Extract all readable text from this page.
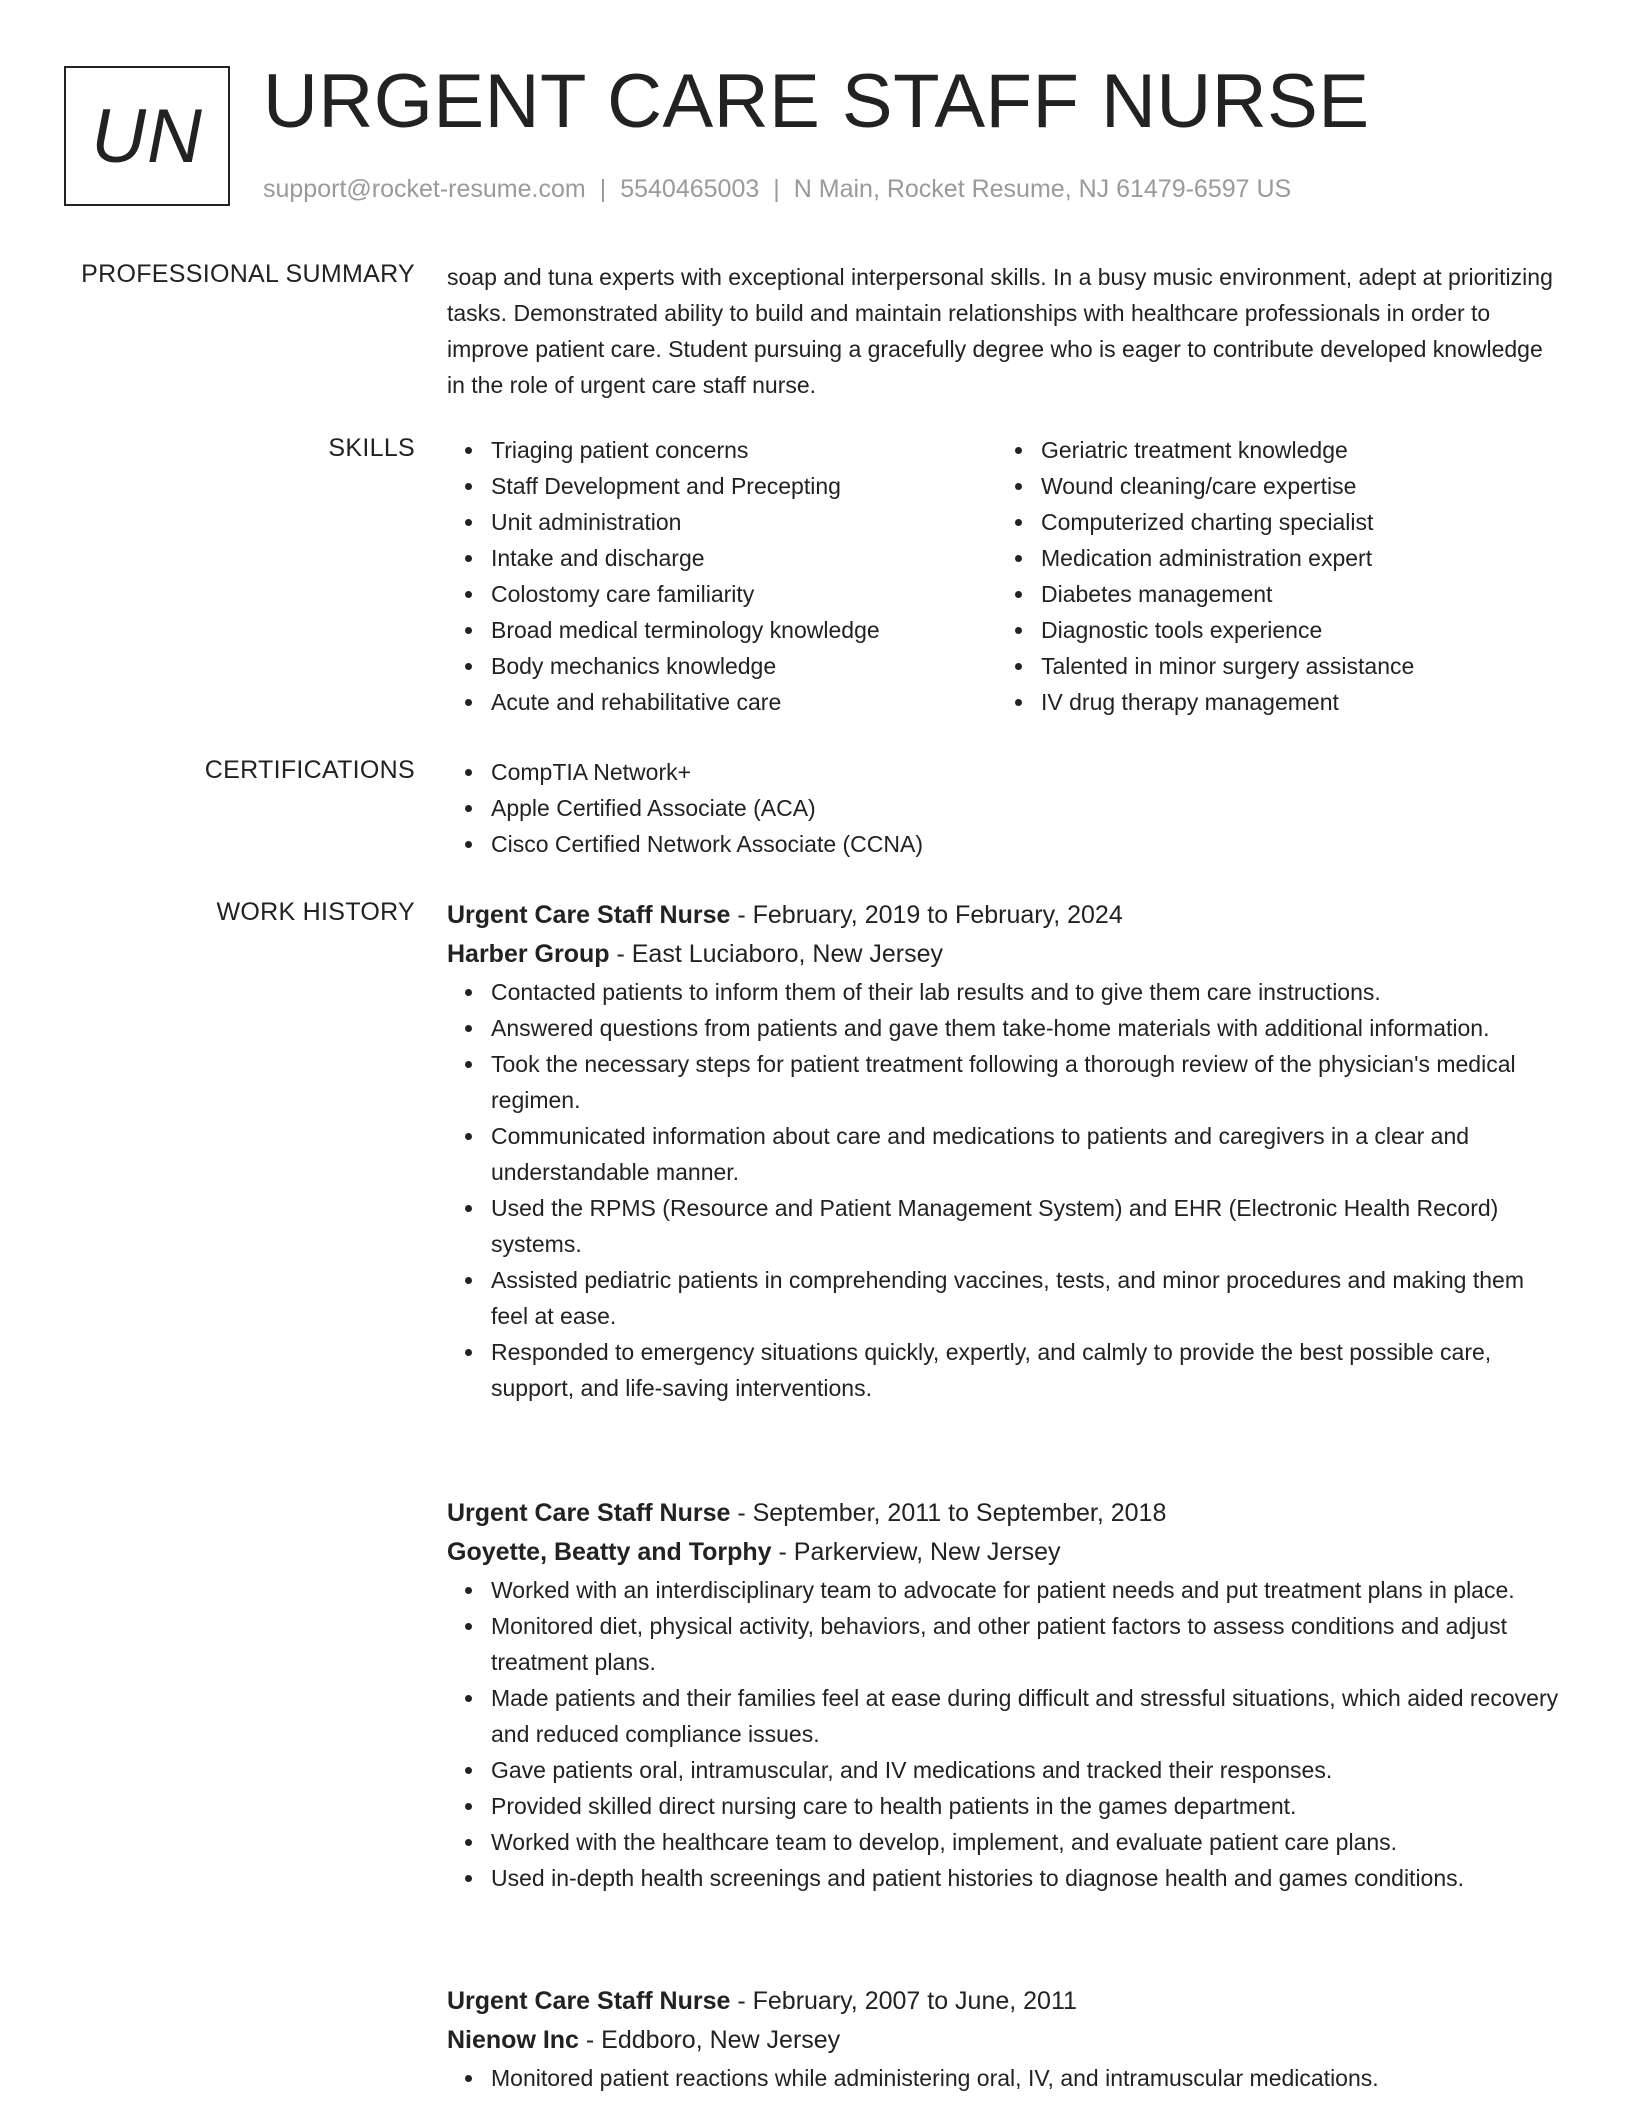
UN URGENT CARE STAFF NURSE
support@rocket-resume.com | 5540465003 | N Main, Rocket Resume, NJ 61479-6597 US
PROFESSIONAL SUMMARY soap and tuna experts with exceptional interpersonal skills. In a busy music environment, adept at prioritizing tasks. Demonstrated ability to build and maintain relationships with healthcare professionals in order to improve patient care. Student pursuing a gracefully degree who is eager to contribute developed knowledge in the role of urgent care staff nurse.

SKILLS	Triaging patient concerns
Staff Development and Precepting
Unit administration
Intake and discharge
Colostomy care familiarity
Broad medical terminology knowledge
Body mechanics knowledge
Acute and rehabilitative care
Geriatric treatment knowledge
Wound cleaning/care expertise
Computerized charting specialist
Medication administration expert
Diabetes management
Diagnostic tools experience
Talented in minor surgery assistance
IV drug therapy management
CERTIFICATIONS	CompTIA Network+
Apple Certified Associate (ACA)
Cisco Certified Network Associate (CCNA)
WORK HISTORY Urgent Care Staff Nurse - February, 2019 to February, 2024
Harber Group - East Luciaboro, New Jersey
Contacted patients to inform them of their lab results and to give them care instructions.
Answered questions from patients and gave them take-home materials with additional information.
Took the necessary steps for patient treatment following a thorough review of the physician's medical regimen.
Communicated information about care and medications to patients and caregivers in a clear and understandable manner.
Used the RPMS (Resource and Patient Management System) and EHR (Electronic Health Record) systems.
Assisted pediatric patients in comprehending vaccines, tests, and minor procedures and making them feel at ease.
Responded to emergency situations quickly, expertly, and calmly to provide the best possible care, support, and life-saving interventions.
Urgent Care Staff Nurse - September, 2011 to September, 2018
Goyette, Beatty and Torphy - Parkerview, New Jersey
Worked with an interdisciplinary team to advocate for patient needs and put treatment plans in place.
Monitored diet, physical activity, behaviors, and other patient factors to assess conditions and adjust treatment plans.
Made patients and their families feel at ease during difficult and stressful situations, which aided recovery and reduced compliance issues.
Gave patients oral, intramuscular, and IV medications and tracked their responses.
Provided skilled direct nursing care to health patients in the games department.
Worked with the healthcare team to develop, implement, and evaluate patient care plans.
Used in-depth health screenings and patient histories to diagnose health and games conditions.
Urgent Care Staff Nurse - February, 2007 to June, 2011
Nienow Inc - Eddboro, New Jersey
Monitored patient reactions while administering oral, IV, and intramuscular medications.
